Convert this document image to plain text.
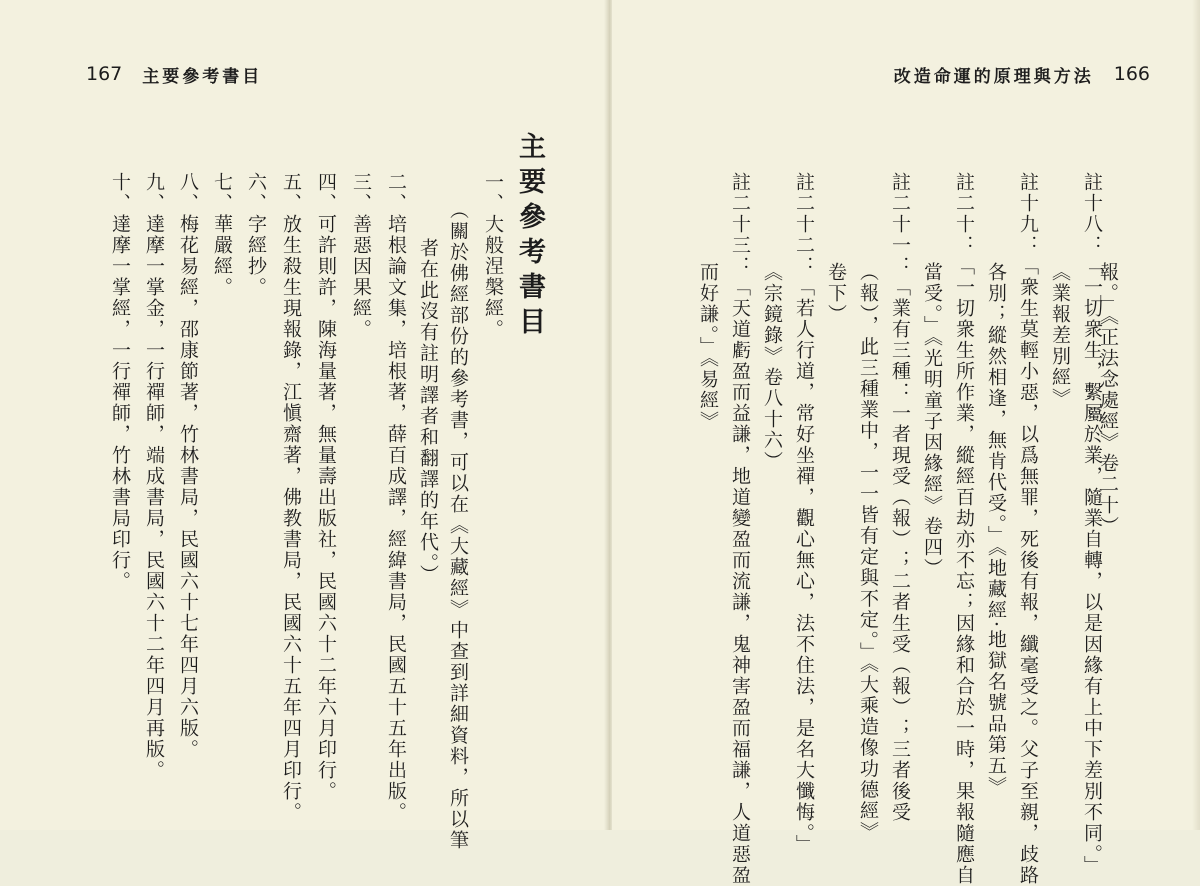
167 主要參考書目
主要參考書目
一、大般涅槃經。
（關於佛經部份的參考書，可以在《大藏經》中查到詳細資料，所以筆
者在此沒有註明譯者和翻譯的年代。）
二、培根論文集，培根著，薛百成譯，經緯書局，民國五十五年出版。
三、善惡因果經。
四、可許則許，陳海量著，無量壽出版社，民國六十二年六月印行。
五、放生殺生現報錄，江愼齋著，佛教書局，民國六十五年四月印行。
六、字經抄。
七、華嚴經。
八、梅花易經，邵康節著，竹林書局，民國六十七年四月六版。
九、達摩一掌金，一行禪師，端成書局，民國六十二年四月再版。
十、達摩一掌經，一行禪師，竹林書局印行。
改造命運的原理與方法 166
報。」《正法念處經》卷二十）
註十八：「一切衆生，繫屬於業，隨業自轉，以是因緣有上中下差別不同。」
《業報差別經》
註十九：「衆生莫輕小惡，以爲無罪，死後有報，纖毫受之。父子至親，歧路
各別；縱然相逢，無肯代受。」《地藏經·地獄名號品第五》
註二十：「一切衆生所作業，縱經百劫亦不忘；因緣和合於一時，果報隨應自
當受。」《光明童子因緣經》卷四）
註二十一：「業有三種：一者現受（報）；二者生受（報）；三者後受
（報），此三種業中，一一皆有定與不定。」《大乘造像功德經》
卷下）
註二十二：「若人行道，常好坐禪，觀心無心，法不住法，是名大懺悔。」
《宗鏡錄》卷八十六）
註二十三：「天道虧盈而益謙，地道變盈而流謙，鬼神害盈而福謙，人道惡盈
而好謙。」《易經》
